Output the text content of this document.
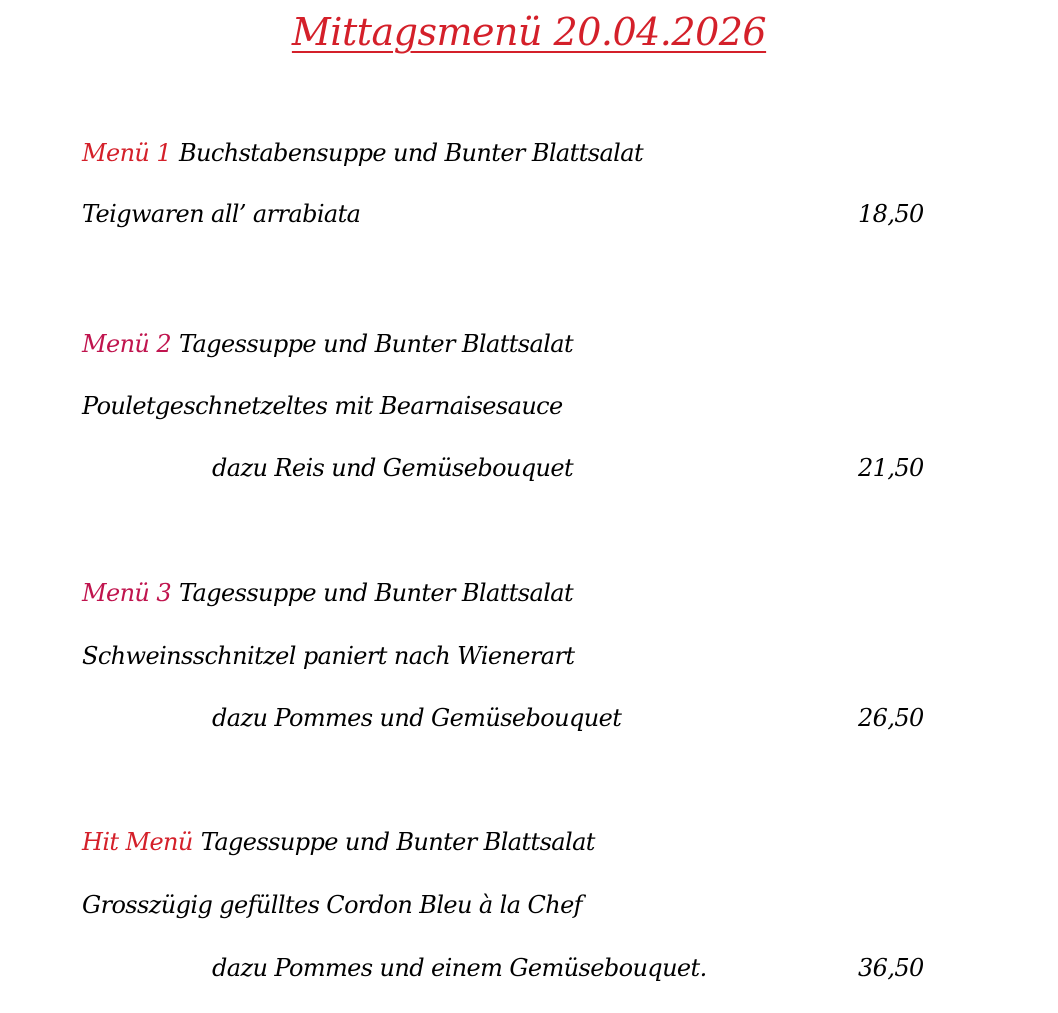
Mittagsmenü 20.04.2026
Menü 1 Buchstabensuppe und Bunter Blattsalat
Teigwaren all’ arrabiata	18,50
Menü 2 Tagessuppe und Bunter Blattsalat
Pouletgeschnetzeltes mit Bearnaisesauce
dazu Reis und Gemüsebouquet	21,50
Menü 3 Tagessuppe und Bunter Blattsalat
Schweinsschnitzel paniert nach Wienerart
dazu Pommes und Gemüsebouquet	26,50
Hit Menü Tagessuppe und Bunter Blattsalat
Grosszügig gefülltes Cordon Bleu à la Chef
dazu Pommes und einem Gemüsebouquet.	36,50
